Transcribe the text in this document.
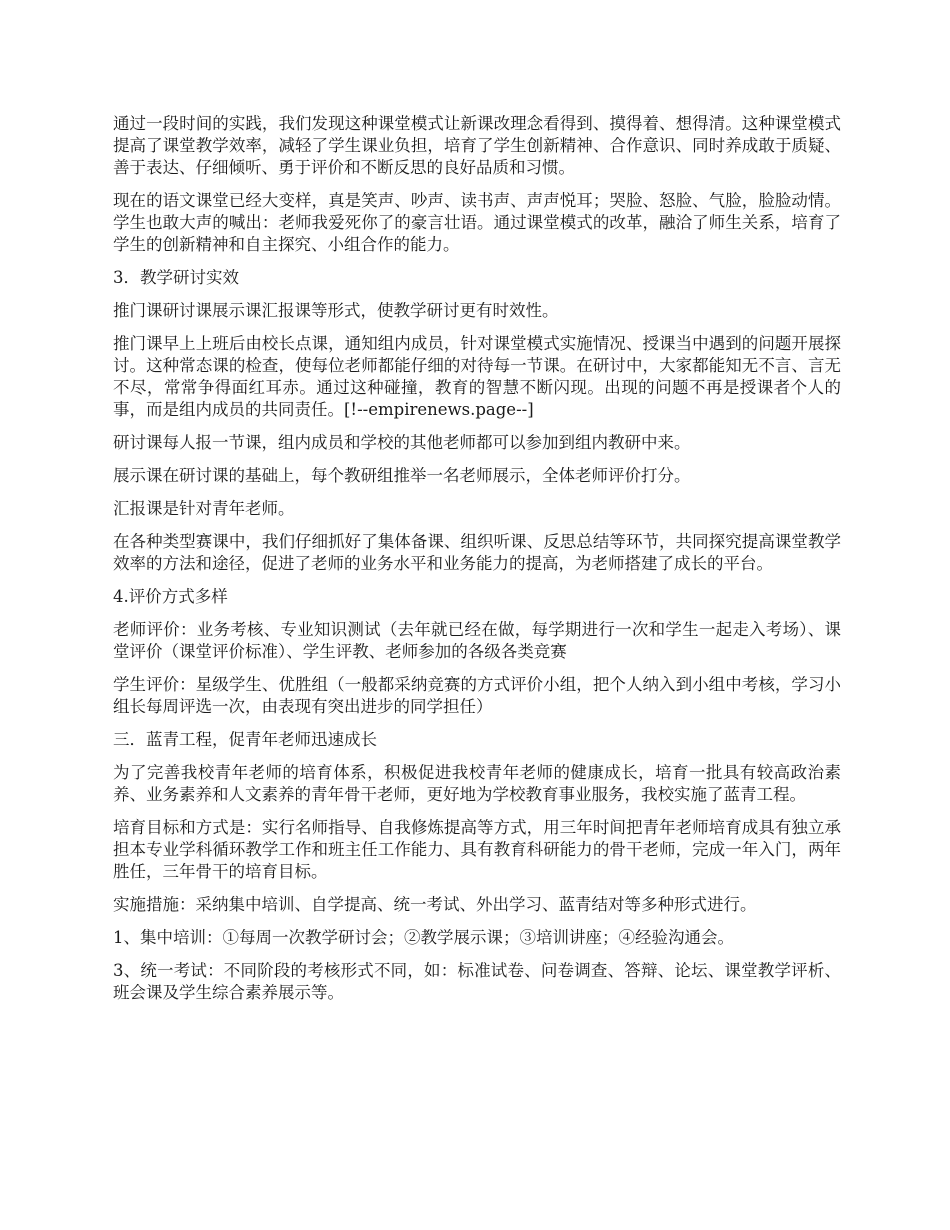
通过一段时间的实践，我们发现这种课堂模式让新课改理念看得到、摸得着、想得清。这种课堂模式提高了课堂教学效率，减轻了学生课业负担，培育了学生创新精神、合作意识、同时养成敢于质疑、善于表达、仔细倾听、勇于评价和不断反思的良好品质和习惯。

现在的语文课堂已经大变样，真是笑声、吵声、读书声、声声悦耳；哭脸、怒脸、气脸，脸脸动情。学生也敢大声的喊出：老师我爱死你了的豪言壮语。通过课堂模式的改革，融洽了师生关系，培育了学生的创新精神和自主探究、小组合作的能力。

3．教学研讨实效

推门课研讨课展示课汇报课等形式，使教学研讨更有时效性。

推门课早上上班后由校长点课，通知组内成员，针对课堂模式实施情况、授课当中遇到的问题开展探讨。这种常态课的检查，使每位老师都能仔细的对待每一节课。在研讨中，大家都能知无不言、言无不尽，常常争得面红耳赤。通过这种碰撞，教育的智慧不断闪现。出现的问题不再是授课者个人的事，而是组内成员的共同责任。[!--empirenews.page--]

研讨课每人报一节课，组内成员和学校的其他老师都可以参加到组内教研中来。

展示课在研讨课的基础上，每个教研组推举一名老师展示，全体老师评价打分。

汇报课是针对青年老师。

在各种类型赛课中，我们仔细抓好了集体备课、组织听课、反思总结等环节，共同探究提高课堂教学效率的方法和途径，促进了老师的业务水平和业务能力的提高，为老师搭建了成长的平台。

4.评价方式多样

老师评价：业务考核、专业知识测试（去年就已经在做，每学期进行一次和学生一起走入考场）、课堂评价（课堂评价标准）、学生评教、老师参加的各级各类竞赛

学生评价：星级学生、优胜组（一般都采纳竞赛的方式评价小组，把个人纳入到小组中考核，学习小组长每周评选一次，由表现有突出进步的同学担任）

三．蓝青工程，促青年老师迅速成长

为了完善我校青年老师的培育体系，积极促进我校青年老师的健康成长，培育一批具有较高政治素养、业务素养和人文素养的青年骨干老师，更好地为学校教育事业服务，我校实施了蓝青工程。

培育目标和方式是：实行名师指导、自我修炼提高等方式，用三年时间把青年老师培育成具有独立承担本专业学科循环教学工作和班主任工作能力、具有教育科研能力的骨干老师，完成一年入门，两年胜任，三年骨干的培育目标。

实施措施：采纳集中培训、自学提高、统一考试、外出学习、蓝青结对等多种形式进行。

1、集中培训：①每周一次教学研讨会；②教学展示课；③培训讲座；④经验沟通会。

3、统一考试：不同阶段的考核形式不同，如：标准试卷、问卷调查、答辩、论坛、课堂教学评析、班会课及学生综合素养展示等。
